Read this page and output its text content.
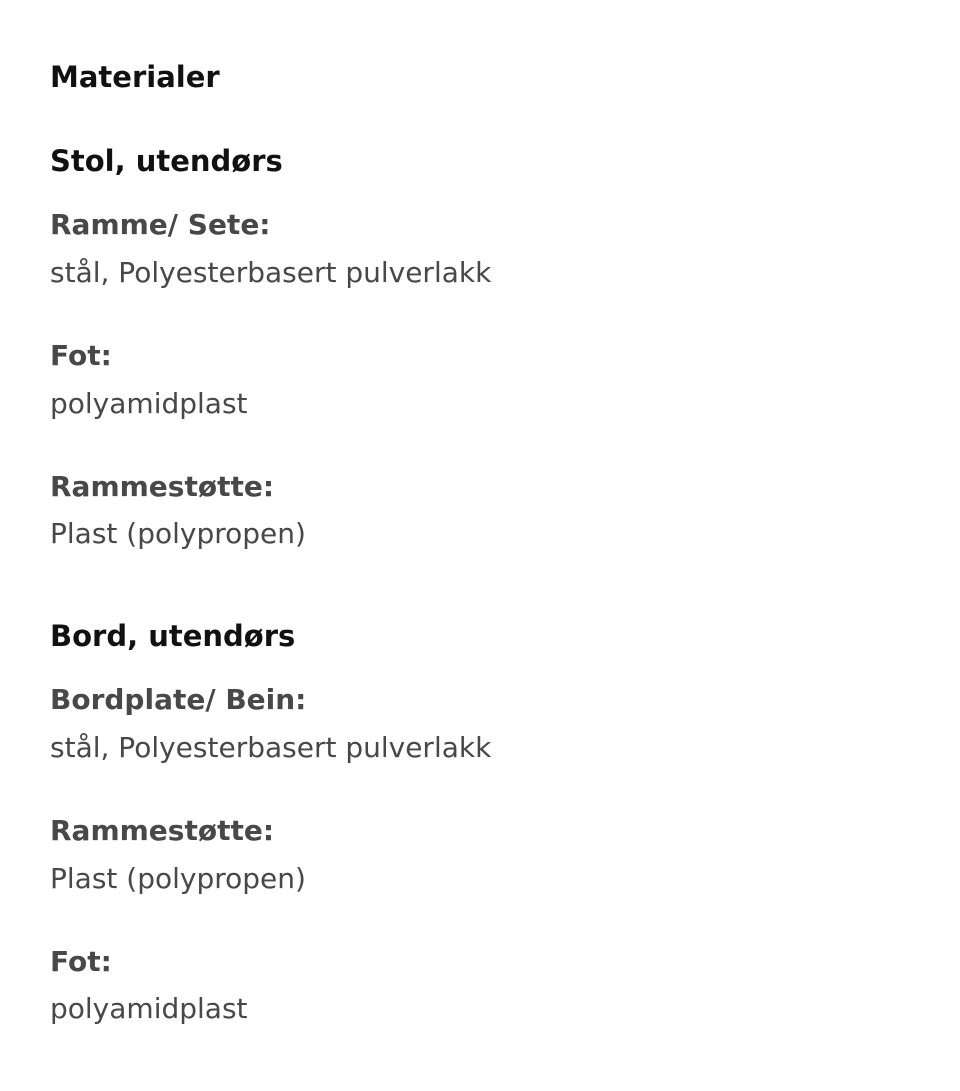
Materialer
Stol, utendørs
Ramme/ Sete:
stål, Polyesterbasert pulverlakk
Fot:
polyamidplast
Rammestøtte:
Plast (polypropen)
Bord, utendørs
Bordplate/ Bein:
stål, Polyesterbasert pulverlakk
Rammestøtte:
Plast (polypropen)
Fot:
polyamidplast
